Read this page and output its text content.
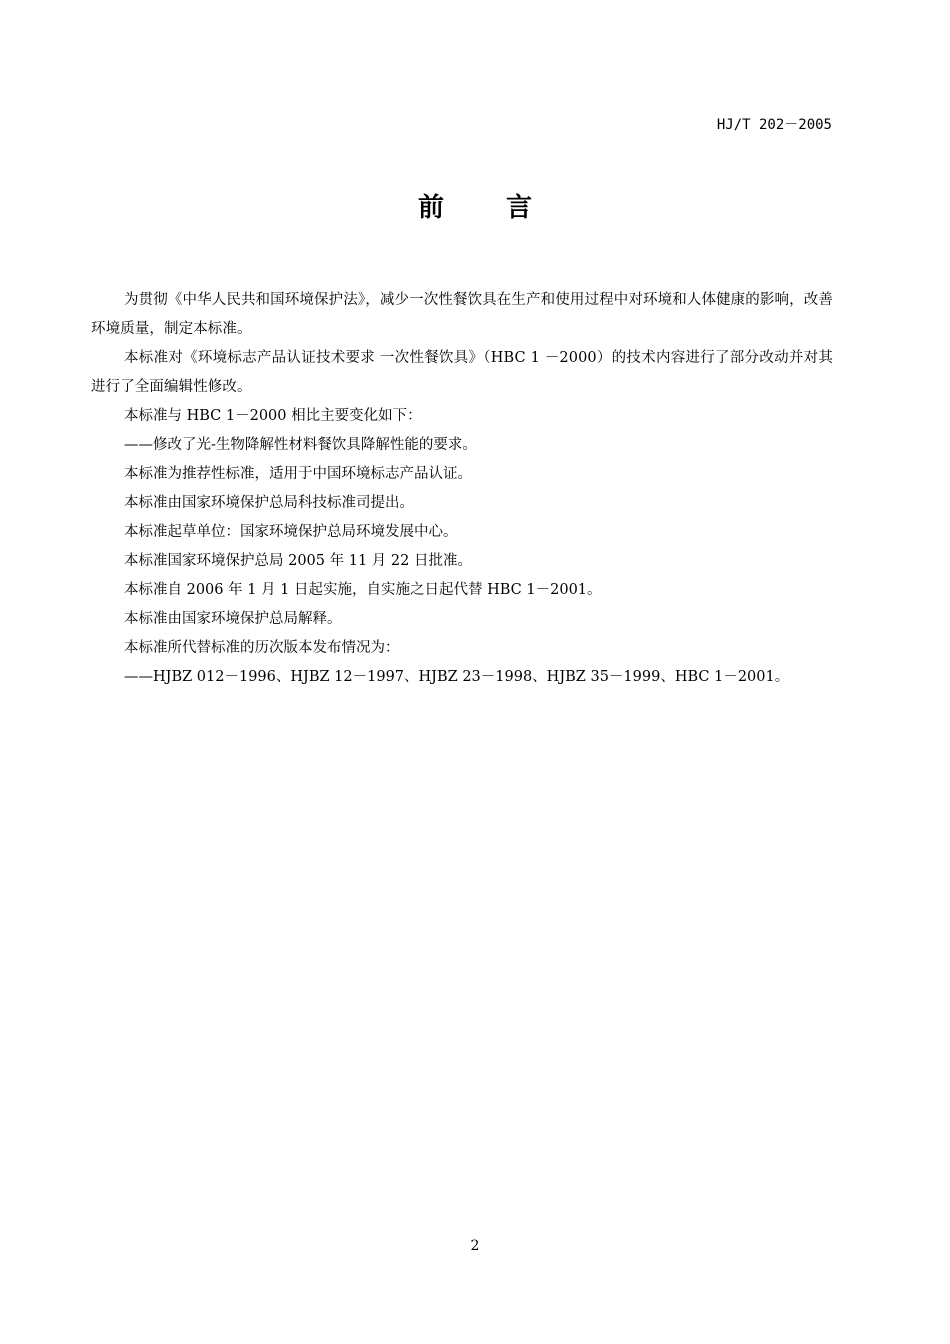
HJ/T 202－2005
前 言

为贯彻《中华人民共和国环境保护法》，减少一次性餐饮具在生产和使用过程中对环境和人体健康的影响，改善环境质量，制定本标准。

本标准对《环境标志产品认证技术要求 一次性餐饮具》（HBC 1 －2000）的技术内容进行了部分改动并对其进行了全面编辑性修改。

本标准与 HBC 1－2000 相比主要变化如下：

——修改了光-生物降解性材料餐饮具降解性能的要求。

本标准为推荐性标准，适用于中国环境标志产品认证。

本标准由国家环境保护总局科技标准司提出。

本标准起草单位：国家环境保护总局环境发展中心。

本标准国家环境保护总局 2005 年 11 月 22 日批准。

本标准自 2006 年 1 月 1 日起实施，自实施之日起代替 HBC 1－2001。

本标准由国家环境保护总局解释。

本标准所代替标准的历次版本发布情况为：

——HJBZ 012－1996、HJBZ 12－1997、HJBZ 23－1998、HJBZ 35－1999、HBC 1－2001。

2
